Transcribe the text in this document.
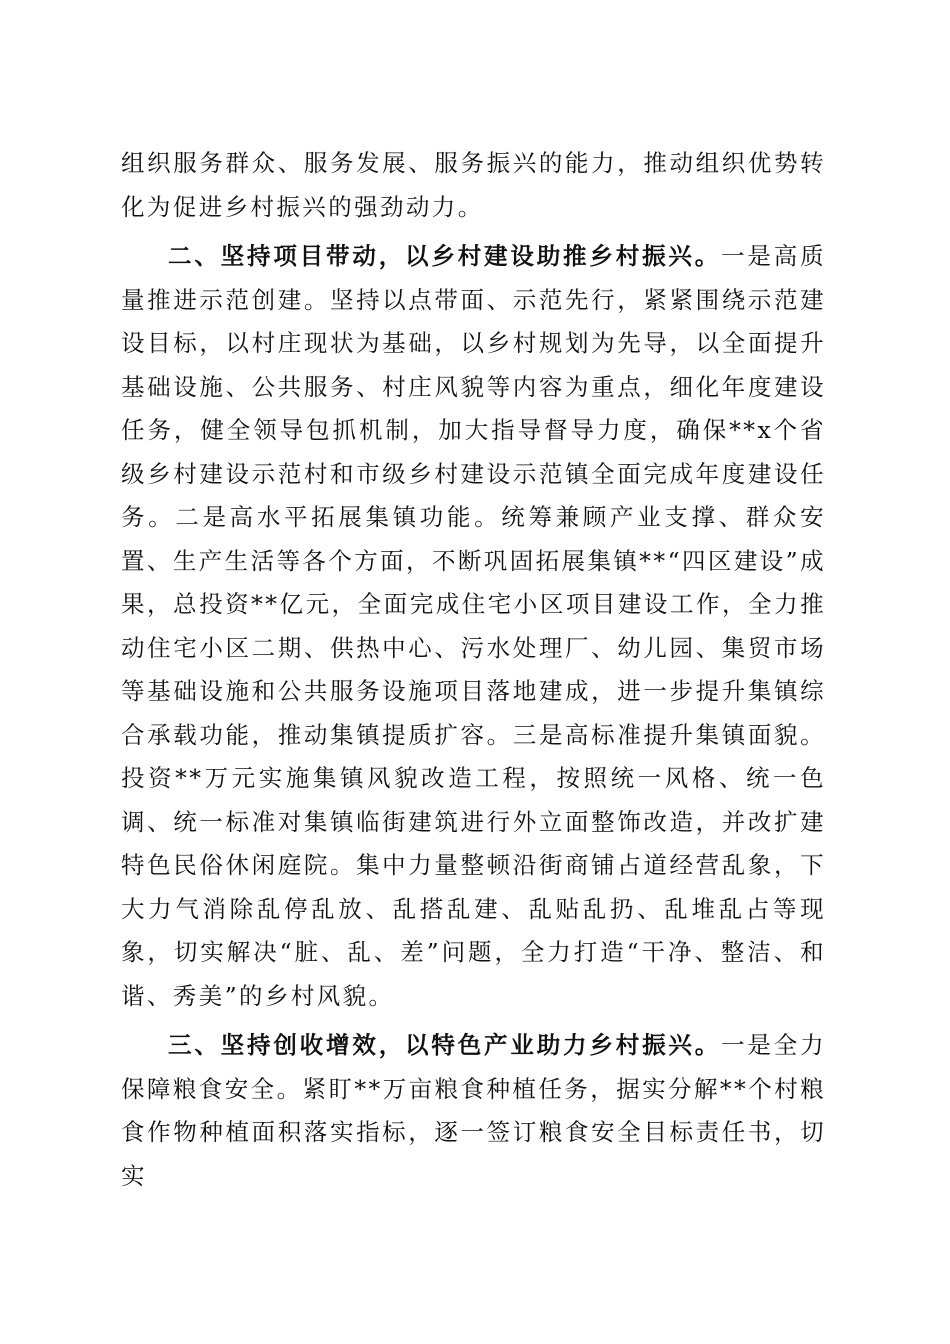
组织服务群众、服务发展、服务振兴的能力，推动组织优势转化为促进乡村振兴的强劲动力。

二、坚持项目带动，以乡村建设助推乡村振兴。一是高质量推进示范创建。坚持以点带面、示范先行，紧紧围绕示范建设目标，以村庄现状为基础，以乡村规划为先导，以全面提升基础设施、公共服务、村庄风貌等内容为重点，细化年度建设任务，健全领导包抓机制，加大指导督导力度，确保**x个省级乡村建设示范村和市级乡村建设示范镇全面完成年度建设任务。二是高水平拓展集镇功能。统筹兼顾产业支撑、群众安置、生产生活等各个方面，不断巩固拓展集镇**“四区建设”成果，总投资**亿元，全面完成住宅小区项目建设工作，全力推动住宅小区二期、供热中心、污水处理厂、幼儿园、集贸市场等基础设施和公共服务设施项目落地建成，进一步提升集镇综合承载功能，推动集镇提质扩容。三是高标准提升集镇面貌。投资**万元实施集镇风貌改造工程，按照统一风格、统一色调、统一标准对集镇临街建筑进行外立面整饰改造，并改扩建特色民俗休闲庭院。集中力量整顿沿街商铺占道经营乱象，下大力气消除乱停乱放、乱搭乱建、乱贴乱扔、乱堆乱占等现象，切实解决“脏、乱、差”问题，全力打造“干净、整洁、和谐、秀美”的乡村风貌。

三、坚持创收增效，以特色产业助力乡村振兴。一是全力保障粮食安全。紧盯**万亩粮食种植任务，据实分解**个村粮食作物种植面积落实指标，逐一签订粮食安全目标责任书，切实
